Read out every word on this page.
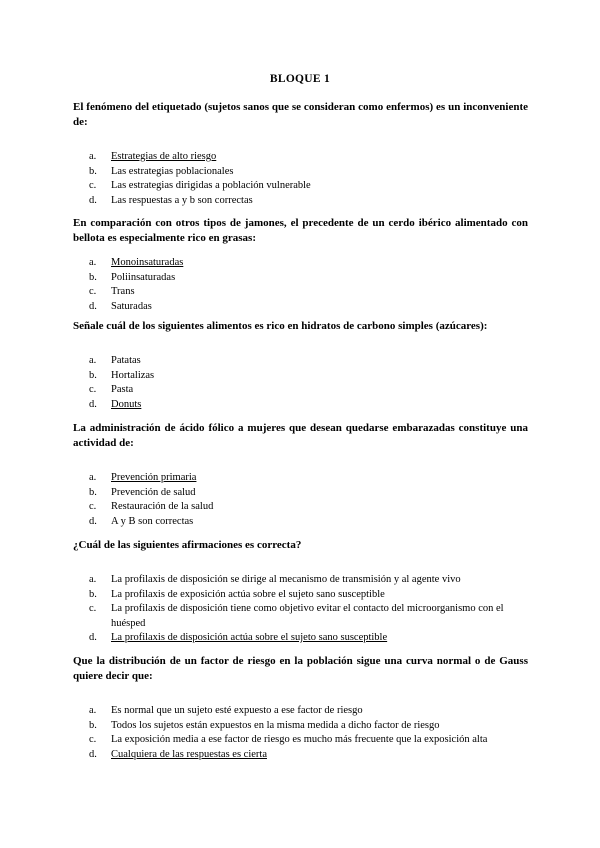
BLOQUE 1

El fenómeno del etiquetado (sujetos sanos que se consideran como enfermos) es un inconveniente de:

a. Estrategias de alto riesgo
b. Las estrategias poblacionales
c. Las estrategias dirigidas a población vulnerable
d. Las respuestas a y b son correctas

En comparación con otros tipos de jamones, el precedente de un cerdo ibérico alimentado con bellota es especialmente rico en grasas:

a. Monoinsaturadas
b. Poliinsaturadas
c. Trans
d. Saturadas

Señale cuál de los siguientes alimentos es rico en hidratos de carbono simples (azúcares):

a. Patatas
b. Hortalizas
c. Pasta
d. Donuts

La administración de ácido fólico a mujeres que desean quedarse embarazadas constituye una actividad de:

a. Prevención primaria
b. Prevención de salud
c. Restauración de la salud
d. A y B son correctas

¿Cuál de las siguientes afirmaciones es correcta?

a. La profilaxis de disposición se dirige al mecanismo de transmisión y al agente vivo
b. La profilaxis de exposición actúa sobre el sujeto sano susceptible
c. La profilaxis de disposición tiene como objetivo evitar el contacto del microorganismo con el huésped
d. La profilaxis de disposición actúa sobre el sujeto sano susceptible

Que la distribución de un factor de riesgo en la población sigue una curva normal o de Gauss quiere decir que:

a. Es normal que un sujeto esté expuesto a ese factor de riesgo
b. Todos los sujetos están expuestos en la misma medida a dicho factor de riesgo
c. La exposición media a ese factor de riesgo es mucho más frecuente que la exposición alta
d. Cualquiera de las respuestas es cierta
